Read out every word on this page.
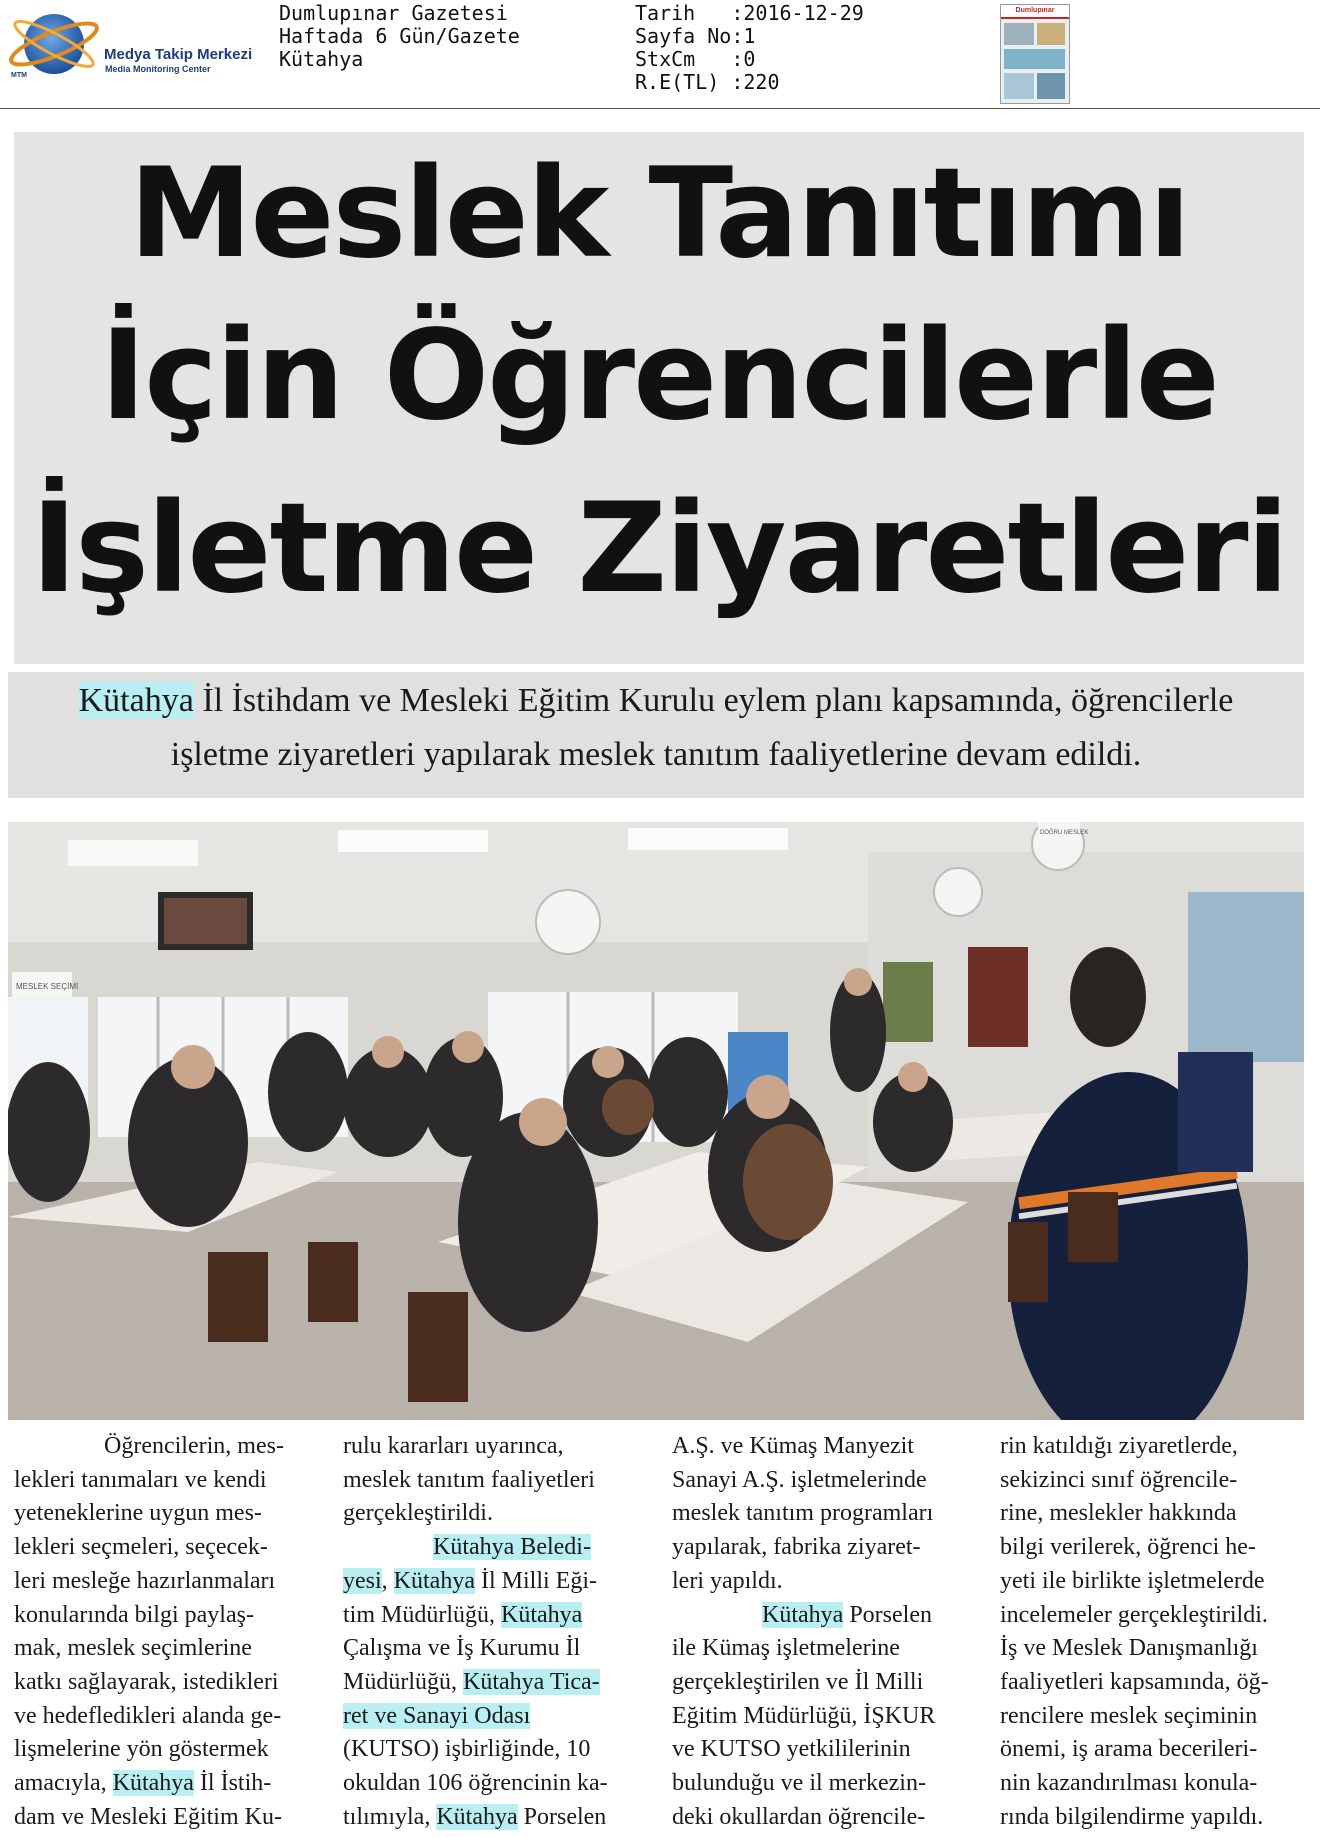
Medya Takip Merkezi
Media Monitoring Center
MTM
Dumlupınar Gazetesi
Haftada 6 Gün/Gazete
Kütahya
Tarih   :2016-12-29
Sayfa No:1
StxCm   :0
R.E(TL) :220
Dumlupınar
Meslek Tanıtımı
İçin Öğrencilerle
İşletme Ziyaretleri
Kütahya İl İstihdam ve Mesleki Eğitim Kurulu eylem planı kapsamında, öğrencilerle
işletme ziyaretleri yapılarak meslek tanıtım faaliyetlerine devam edildi.
MESLEK SEÇİMİ
DOĞRU MESLEK
Öğrencilerin, mes-
lekleri tanımaları ve kendi
yeteneklerine uygun mes-
lekleri seçmeleri, seçecek-
leri mesleğe hazırlanmaları
konularında bilgi paylaş-
mak, meslek seçimlerine
katkı sağlayarak, istedikleri
ve hedefledikleri alanda ge-
lişmelerine yön göstermek
amacıyla, Kütahya İl İstih-
dam ve Mesleki Eğitim Ku-
rulu kararları uyarınca,
meslek tanıtım faaliyetleri
gerçekleştirildi.
Kütahya Beledi-
yesi, Kütahya İl Milli Eği-
tim Müdürlüğü, Kütahya
Çalışma ve İş Kurumu İl
Müdürlüğü, Kütahya Tica-
ret ve Sanayi Odası
(KUTSO) işbirliğinde, 10
okuldan 106 öğrencinin ka-
tılımıyla, Kütahya Porselen
A.Ş. ve Kümaş Manyezit
Sanayi A.Ş. işletmelerinde
meslek tanıtım programları
yapılarak, fabrika ziyaret-
leri yapıldı.
Kütahya Porselen
ile Kümaş işletmelerine
gerçekleştirilen ve İl Milli
Eğitim Müdürlüğü, İŞKUR
ve KUTSO yetkililerinin
bulunduğu ve il merkezin-
deki okullardan öğrencile-
rin katıldığı ziyaretlerde,
sekizinci sınıf öğrencile-
rine, meslekler hakkında
bilgi verilerek, öğrenci he-
yeti ile birlikte işletmelerde
incelemeler gerçekleştirildi.
İş ve Meslek Danışmanlığı
faaliyetleri kapsamında, öğ-
rencilere meslek seçiminin
önemi, iş arama becerileri-
nin kazandırılması konula-
rında bilgilendirme yapıldı.
